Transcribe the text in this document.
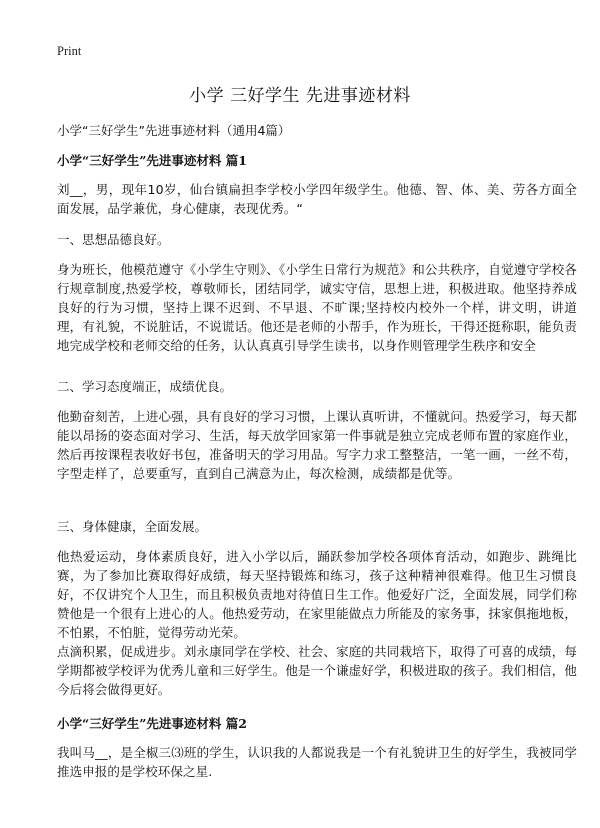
Print
小学 三好学生 先进事迹材料
小学“三好学生”先进事迹材料（通用4篇）
小学“三好学生”先进事迹材料 篇1

刘__，男，现年10岁，仙台镇扁担李学校小学四年级学生。他德、智、体、美、劳各方面全面发展，品学兼优，身心健康，表现优秀。“

一、思想品德良好。

身为班长，他模范遵守《小学生守则》、《小学生日常行为规范》和公共秩序，自觉遵守学校各行规章制度,热爱学校，尊敬师长，团结同学，诚实守信，思想上进，积极进取。他坚持养成良好的行为习惯，坚持上课不迟到、不早退、不旷课;坚持校内校外一个样，讲文明，讲道理，有礼貌，不说脏话，不说谎话。他还是老师的小帮手，作为班长，干得还挺称职，能负责地完成学校和老师交给的任务，认认真真引导学生读书，以身作则管理学生秩序和安全

二、学习态度端正，成绩优良。

他勤奋刻苦，上进心强，具有良好的学习习惯，上课认真听讲，不懂就问。热爱学习，每天都能以昂扬的姿态面对学习、生活，每天放学回家第一件事就是独立完成老师布置的家庭作业，然后再按课程表收好书包，准备明天的学习用品。写字力求工整整洁，一笔一画，一丝不苟，字型走样了，总要重写，直到自己满意为止，每次检测，成绩都是优等。

三、身体健康，全面发展。

他热爱运动，身体素质良好，进入小学以后，踊跃参加学校各项体育活动，如跑步、跳绳比赛，为了参加比赛取得好成绩，每天坚持锻炼和练习，孩子这种精神很难得。他卫生习惯良好，不仅讲究个人卫生，而且积极负责地对待值日生工作。他爱好广泛，全面发展，同学们称赞他是一个很有上进心的人。他热爱劳动，在家里能做点力所能及的家务事，抹家俱拖地板，不怕累，不怕脏，觉得劳动光荣。

点滴积累，促成进步。刘永康同学在学校、社会、家庭的共同栽培下，取得了可喜的成绩，每学期都被学校评为优秀儿童和三好学生。他是一个谦虚好学，积极进取的孩子。我们相信，他今后将会做得更好。

小学“三好学生”先进事迹材料 篇2

我叫马__，是全椒三⑶班的学生，认识我的人都说我是一个有礼貌讲卫生的好学生，我被同学推选申报的是学校环保之星.
